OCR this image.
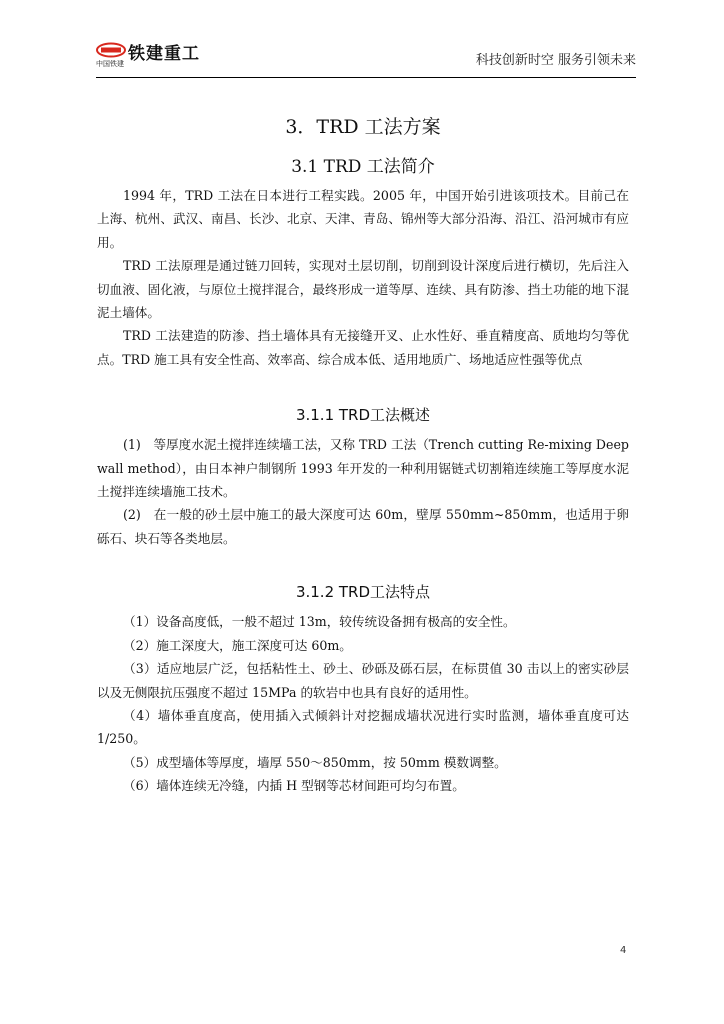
中国铁建 铁建重工	科技创新时空 服务引领未来
3．TRD 工法方案
3.1 TRD 工法简介

1994 年，TRD 工法在日本进行工程实践。2005 年，中国开始引进该项技术。目前己在上海、杭州、武汉、南昌、长沙、北京、天津、青岛、锦州等大部分沿海、沿江、沿河城市有应用。

TRD 工法原理是通过链刀回转，实现对土层切削，切削到设计深度后进行横切，先后注入切血液、固化液，与原位土搅拌混合，最终形成一道等厚、连续、具有防渗、挡土功能的地下混泥土墙体。

TRD 工法建造的防渗、挡土墙体具有无接缝开叉、止水性好、垂直精度高、质地均匀等优点。TRD 施工具有安全性高、效率高、综合成本低、适用地质广、场地适应性强等优点

3.1.1 TRD工法概述

(1)　等厚度水泥土搅拌连续墙工法，又称 TRD 工法（Trench cutting Re-mixing Deep wall method），由日本神户制钢所 1993 年开发的一种利用锯链式切割箱连续施工等厚度水泥土搅拌连续墙施工技术。

(2)　在一般的砂土层中施工的最大深度可达 60m，壁厚 550mm~850mm，也适用于卵砾石、块石等各类地层。

3.1.2 TRD工法特点

（1）设备高度低，一般不超过 13m，较传统设备拥有极高的安全性。

（2）施工深度大，施工深度可达 60m。

（3）适应地层广泛，包括粘性土、砂土、砂砾及砾石层，在标贯值 30 击以上的密实砂层以及无侧限抗压强度不超过 15MPa 的软岩中也具有良好的适用性。

（4）墙体垂直度高，使用插入式倾斜计对挖掘成墙状况进行实时监测，墙体垂直度可达 1/250。

（5）成型墙体等厚度，墙厚 550～850mm，按 50mm 模数调整。

（6）墙体连续无冷缝，内插 H 型钢等芯材间距可均匀布置。

4
